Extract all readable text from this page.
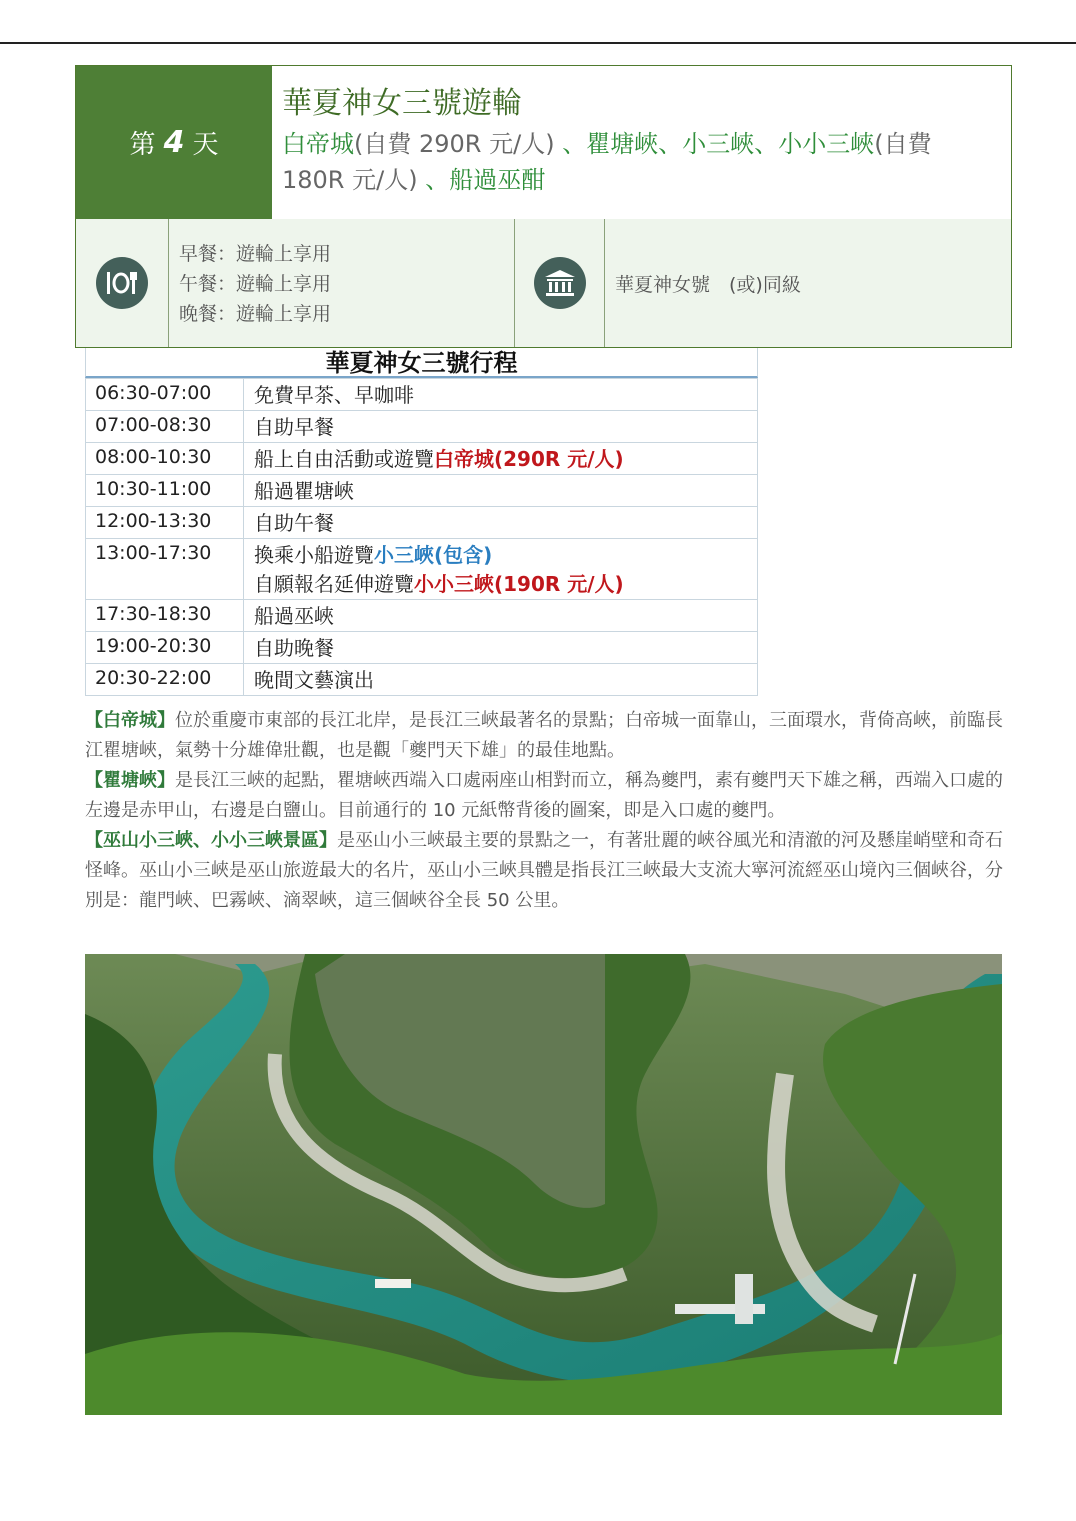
第 4 天
華夏神女三號遊輪
白帝城(自費 290R 元/人) 、瞿塘峽、小三峽、小小三峽(自費
180R 元/人) 、船過巫酣
早餐：遊輪上享用
午餐：遊輪上享用
晚餐：遊輪上享用
華夏神女號　(或)同級
華夏神女三號行程
06:30-07:00	免費早茶、早咖啡
07:00-08:30	自助早餐
08:00-10:30	船上自由活動或遊覽白帝城(290R 元/人)
10:30-11:00	船過瞿塘峽
12:00-13:30	自助午餐
13:00-17:30	換乘小船遊覽小三峽(包含)
自願報名延伸遊覽小小三峽(190R 元/人)
17:30-18:30	船過巫峽
19:00-20:30	自助晚餐
20:30-22:00	晚間文藝演出

【白帝城】位於重慶市東部的長江北岸，是長江三峽最著名的景點；白帝城一面靠山，三面環水，背倚高峽，前臨長江瞿塘峽，氣勢十分雄偉壯觀，也是觀「夔門天下雄」的最佳地點。

【瞿塘峽】是長江三峽的起點，瞿塘峽西端入口處兩座山相對而立，稱為夔門，素有夔門天下雄之稱，西端入口處的左邊是赤甲山，右邊是白鹽山。目前通行的 10 元紙幣背後的圖案，即是入口處的夔門。

【巫山小三峽、小小三峽景區】是巫山小三峽最主要的景點之一，有著壯麗的峽谷風光和清澈的河及懸崖峭壁和奇石怪峰。巫山小三峽是巫山旅遊最大的名片，巫山小三峽具體是指長江三峽最大支流大寧河流經巫山境內三個峽谷，分別是：龍門峽、巴霧峽、滴翠峽，這三個峽谷全長 50 公里。
